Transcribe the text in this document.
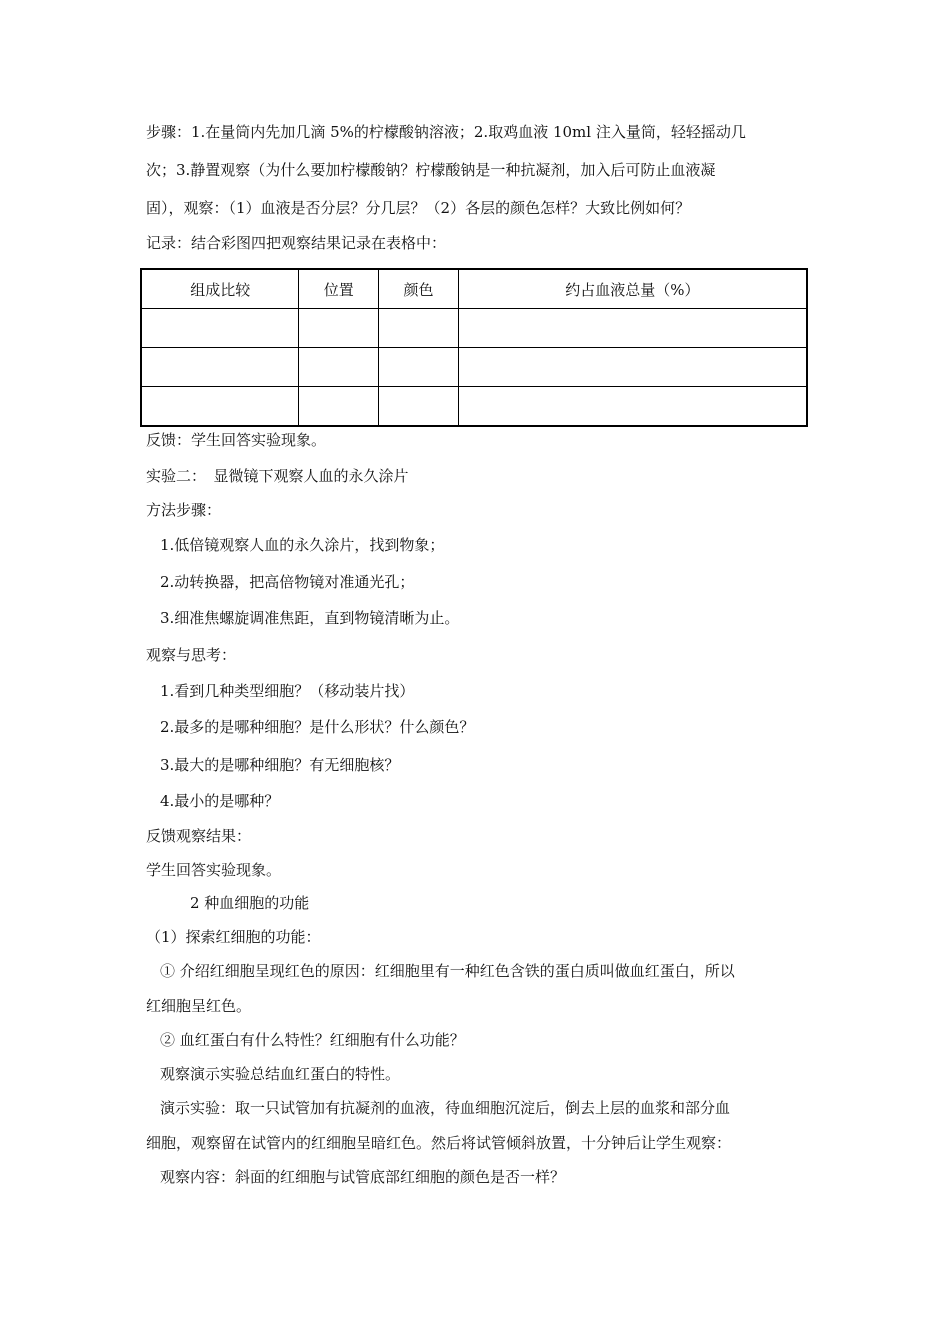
步骤：1.在量筒内先加几滴 5%的柠檬酸钠溶液；2.取鸡血液 10ml 注入量筒，轻轻摇动几
次；3.静置观察（为什么要加柠檬酸钠？柠檬酸钠是一种抗凝剂，加入后可防止血液凝
固），观察：（1）血液是否分层？分几层？（2）各层的颜色怎样？大致比例如何？
记录：结合彩图四把观察结果记录在表格中：
组成比较	位置	颜色	约占血液总量（%）

反馈：学生回答实验现象。
实验二：　显微镜下观察人血的永久涂片
方法步骤：
1.低倍镜观察人血的永久涂片，找到物象；
2.动转换器，把高倍物镜对准通光孔；
3.细准焦螺旋调准焦距，直到物镜清晰为止。
观察与思考：
1.看到几种类型细胞？（移动装片找）
2.最多的是哪种细胞？是什么形状？什么颜色？
3.最大的是哪种细胞？有无细胞核？
4.最小的是哪种？
反馈观察结果：
学生回答实验现象。
2 种血细胞的功能
（1）探索红细胞的功能：
① 介绍红细胞呈现红色的原因：红细胞里有一种红色含铁的蛋白质叫做血红蛋白，所以
红细胞呈红色。
② 血红蛋白有什么特性？红细胞有什么功能？
观察演示实验总结血红蛋白的特性。
演示实验：取一只试管加有抗凝剂的血液，待血细胞沉淀后，倒去上层的血浆和部分血
细胞，观察留在试管内的红细胞呈暗红色。然后将试管倾斜放置，十分钟后让学生观察：
观察内容：斜面的红细胞与试管底部红细胞的颜色是否一样？
